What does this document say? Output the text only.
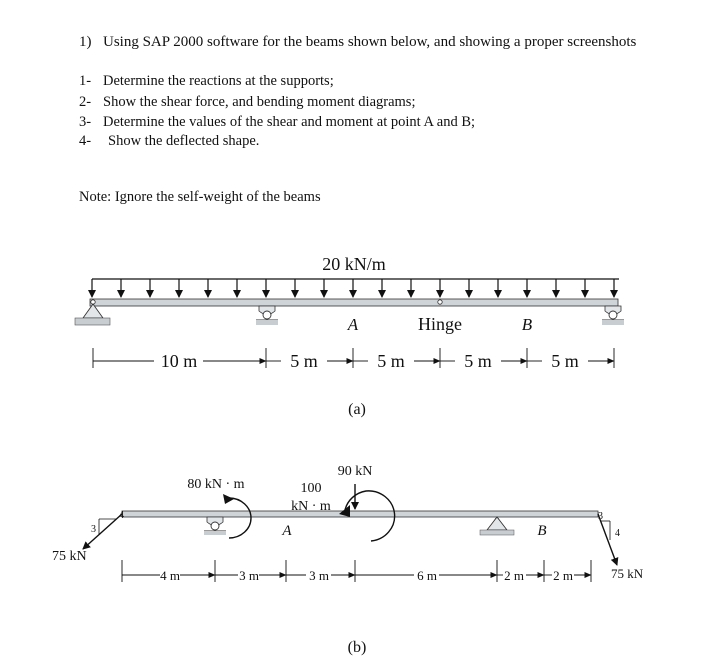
1) Using SAP 2000 software for the beams shown below, and showing a proper screenshots
1- Determine the reactions at the supports;
2- Show the shear force, and bending moment diagrams;
3- Determine the values of the shear and moment at point A and B;
4- Show the deflected shape.
Note: Ignore the self-weight of the beams
20 kN/m
A	Hinge	B
10 m	5 m	5 m	5 m	5 m
(a)
4
3
75 kN
80 kN · m
A
90 kN
100
kN · m
B
3
4
75 kN
4 m	3 m	3 m	6 m	2 m 2 m
(b)
